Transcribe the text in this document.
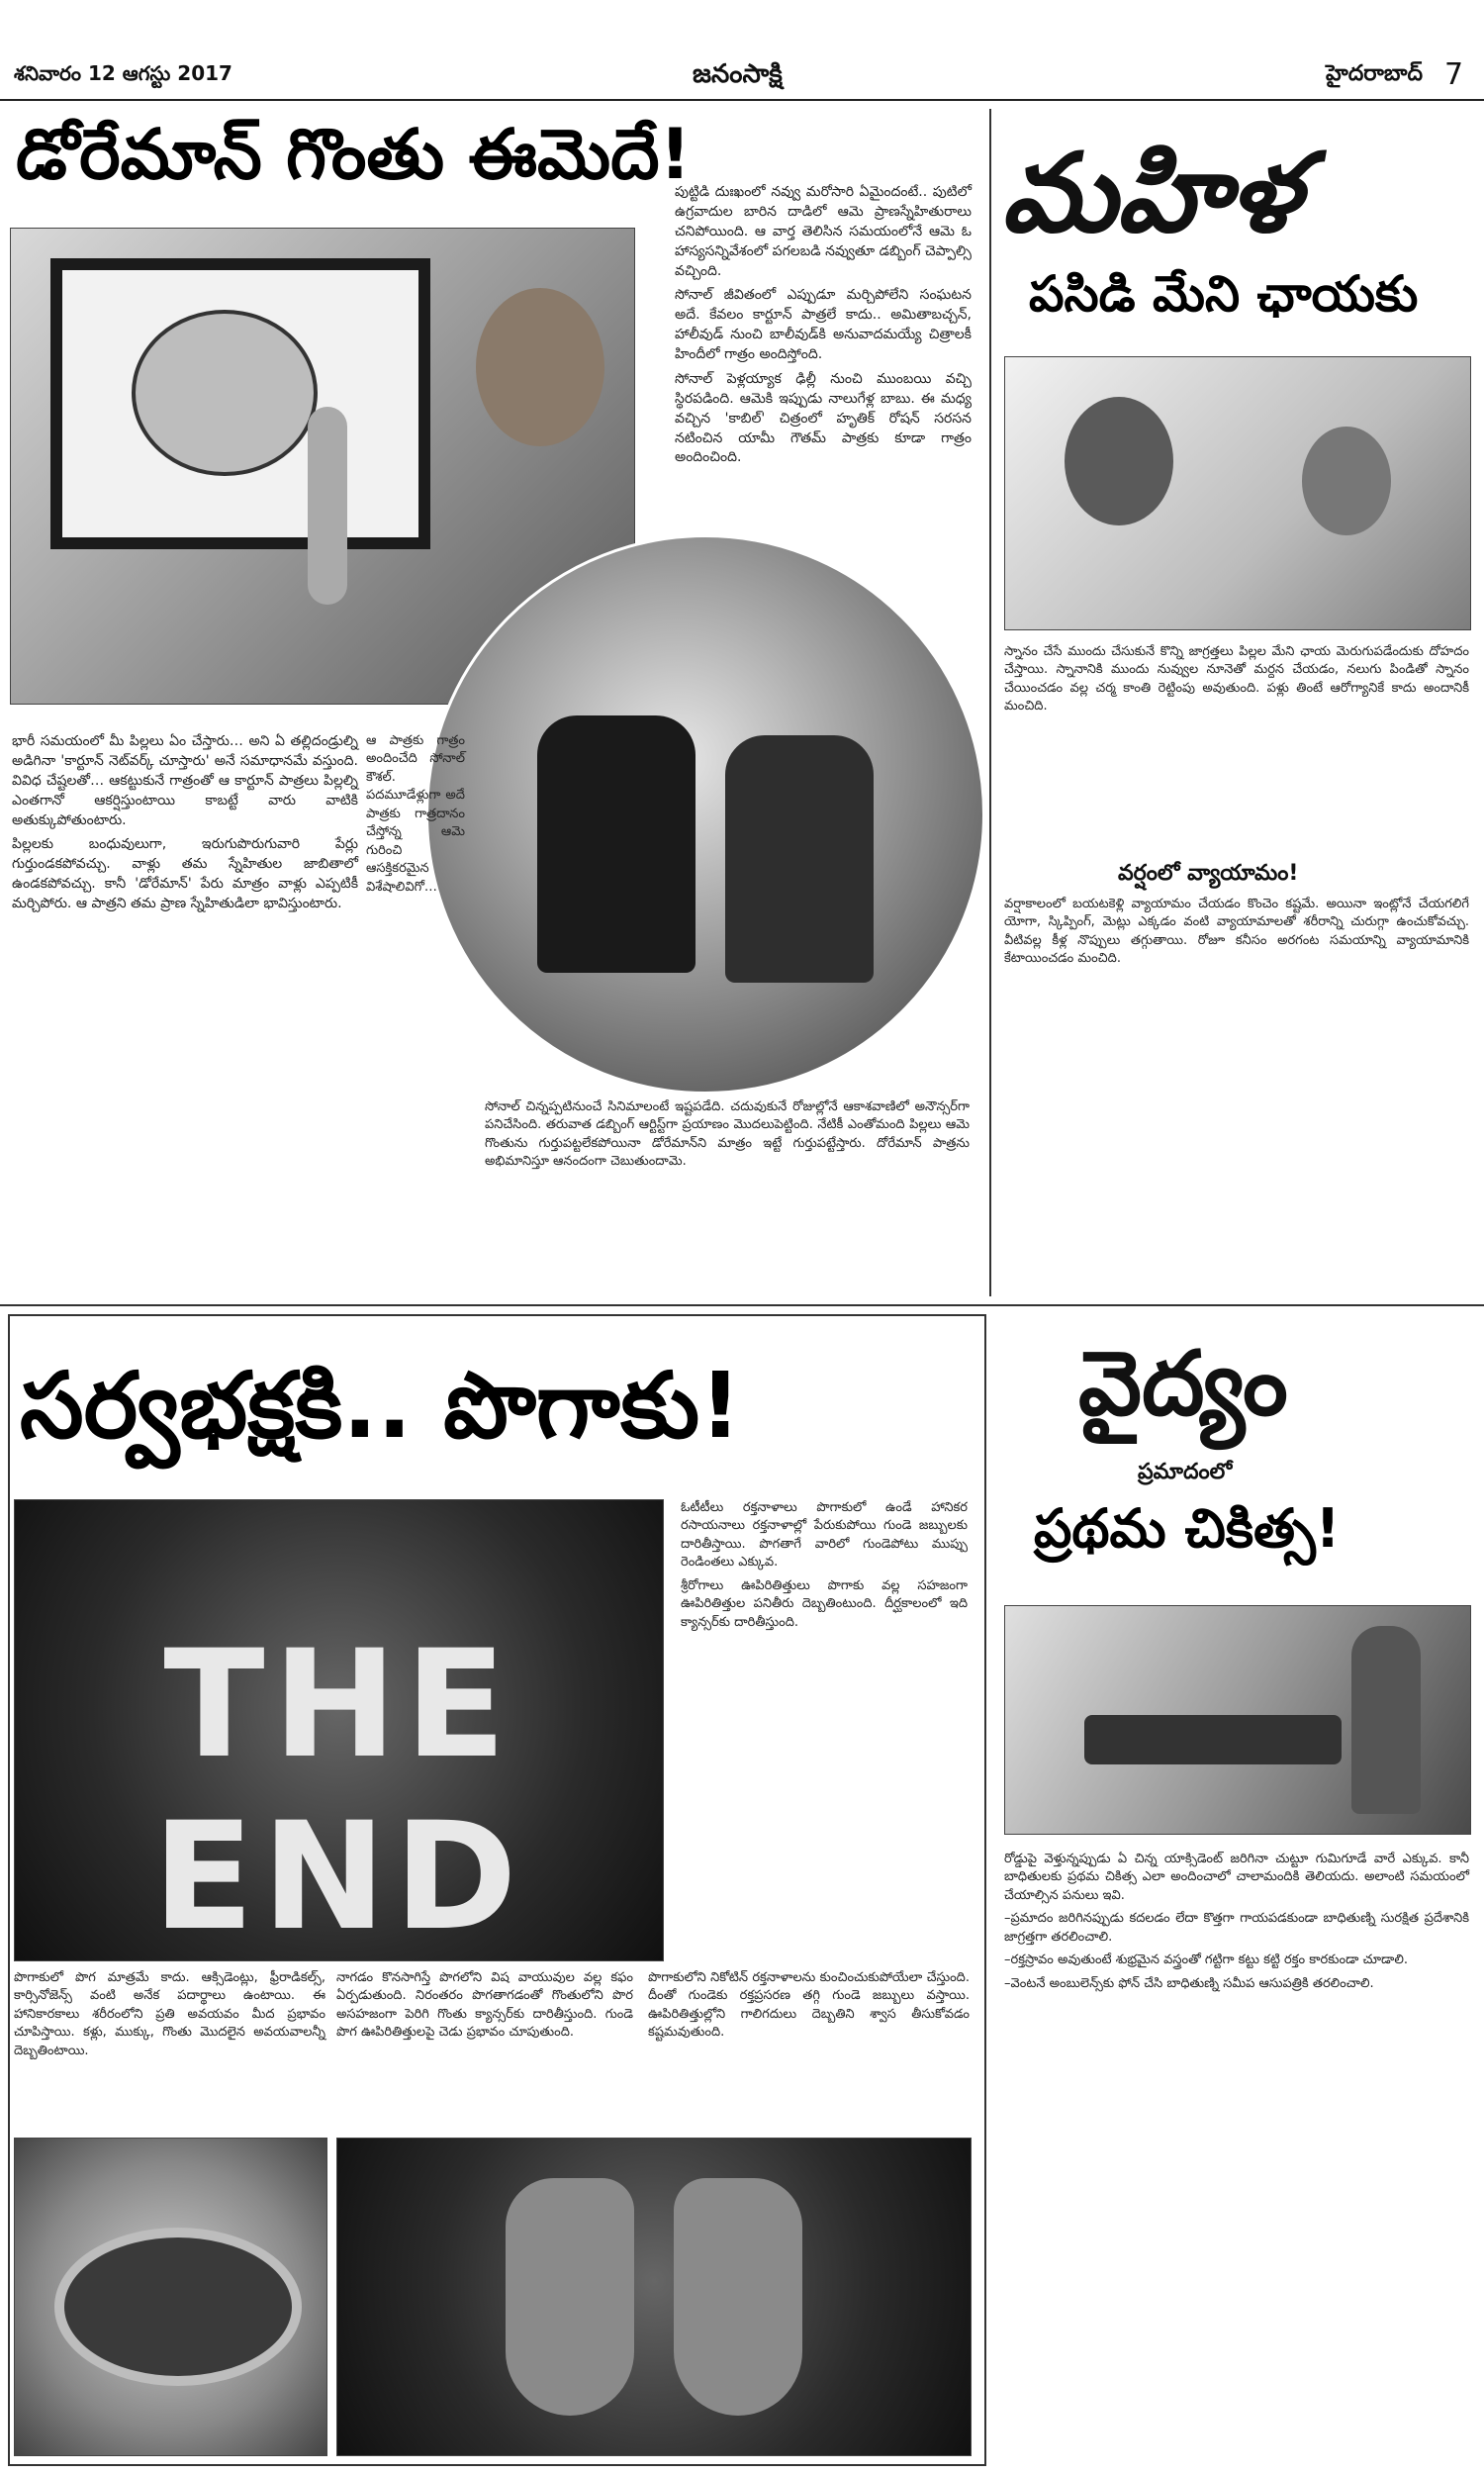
శనివారం 12 ఆగస్టు 2017	జనంసాక్షి	హైదరాబాద్ 7
డోరేమాన్ గొంతు ఈమెదే!

భారీ సమయంలో మీ పిల్లలు ఏం చేస్తారు… అని ఏ తల్లిదండ్రుల్ని అడిగినా 'కార్టూన్ నెట్‌వర్క్ చూస్తారు' అనే సమాధానమే వస్తుంది. వివిధ చేష్టలతో… ఆకట్టుకునే గాత్రంతో ఆ కార్టూన్ పాత్రలు పిల్లల్ని ఎంతగానో ఆకర్షిస్తుంటాయి కాబట్టే వారు వాటికి అతుక్కుపోతుంటారు.

పిల్లలకు బంధువులుగా, ఇరుగుపొరుగువారి పేర్లు గుర్తుండకపోవచ్చు. వాళ్లు తమ స్నేహితుల జాబితాలో ఉండకపోవచ్చు. కానీ 'డోరేమాన్' పేరు మాత్రం వాళ్లు ఎప్పటికీ మర్చిపోరు. ఆ పాత్రని తమ ప్రాణ స్నేహితుడిలా భావిస్తుంటారు.

ఆ పాత్రకు గాత్రం అందించేది సోనాల్ కౌశల్. పదమూడేళ్లుగా అదే పాత్రకు గాత్రదానం చేస్తోన్న ఆమె గురించి ఆసక్తికరమైన విశేషాలివిగో…

పుట్టిడి దుఃఖంలో నవ్వు మరోసారి ఏమైందంటే.. పుటిలో ఉగ్రవాదుల బారిన దాడిలో ఆమె ప్రాణస్నేహితురాలు చనిపోయింది. ఆ వార్త తెలిసిన సమయంలోనే ఆమె ఓ హాస్యసన్నివేశంలో పగలబడి నవ్వుతూ డబ్బింగ్ చెప్పాల్సి వచ్చింది.

సోనాల్ జీవితంలో ఎప్పుడూ మర్చిపోలేని సంఘటన అదే. కేవలం కార్టూన్ పాత్రలే కాదు.. అమితాబచ్చన్, హాలీవుడ్ నుంచి బాలీవుడ్‌కి అనువాదమయ్యే చిత్రాలకీ హిందీలో గాత్రం అందిస్తోంది.

సోనాల్ పెళ్లయ్యాక ఢిల్లీ నుంచి ముంబయి వచ్చి స్థిరపడింది. ఆమెకి ఇప్పుడు నాలుగేళ్ల బాబు. ఈ మధ్య వచ్చిన 'కాబిల్' చిత్రంలో హృతిక్ రోషన్ సరసన నటించిన యామీ గౌతమ్ పాత్రకు కూడా గాత్రం అందించింది.

సోనాల్ చిన్నప్పటినుంచే సినిమాలంటే ఇష్టపడేది. చదువుకునే రోజుల్లోనే ఆకాశవాణిలో అనౌన్సర్‌గా పనిచేసింది. తరువాత డబ్బింగ్ ఆర్టిస్ట్‌గా ప్రయాణం మొదలుపెట్టింది. నేటికీ ఎంతోమంది పిల్లలు ఆమె గొంతును గుర్తుపట్టలేకపోయినా డోరేమాన్‌ని మాత్రం ఇట్టే గుర్తుపట్టేస్తారు. దోరేమాన్ పాత్రను అభిమానిస్తూ ఆనందంగా చెబుతుందామె.

మహిళ
పసిడి మేని ఛాయకు
స్నానం చేసే ముందు చేసుకునే కొన్ని జాగ్రత్తలు పిల్లల మేని ఛాయ మెరుగుపడేందుకు దోహదం చేస్తాయి. స్నానానికి ముందు నువ్వుల నూనెతో మర్దన చేయడం, నలుగు పిండితో స్నానం చేయించడం వల్ల చర్మ కాంతి రెట్టింపు అవుతుంది. పళ్లు తింటే ఆరోగ్యానికే కాదు అందానికీ మంచిది.
వర్షంలో వ్యాయామం!
వర్షాకాలంలో బయటకెళ్లి వ్యాయామం చేయడం కొంచెం కష్టమే. అయినా ఇంట్లోనే చేయగలిగే యోగా, స్కిప్పింగ్, మెట్లు ఎక్కడం వంటి వ్యాయామాలతో శరీరాన్ని చురుగ్గా ఉంచుకోవచ్చు. వీటివల్ల కీళ్ల నొప్పులు తగ్గుతాయి. రోజూ కనీసం అరగంట సమయాన్ని వ్యాయామానికి కేటాయించడం మంచిది.
సర్వభక్షకి.. పొగాకు!
THE END

ఓటీటీలు రక్తనాళాలు పొగాకులో ఉండే హానికర రసాయనాలు రక్తనాళాల్లో పేరుకుపోయి గుండె జబ్బులకు దారితీస్తాయి. పొగతాగే వారిలో గుండెపోటు ముప్పు రెండింతలు ఎక్కువ.

శ్రీరోగాలు ఊపిరితిత్తులు పొగాకు వల్ల సహజంగా ఊపిరితిత్తుల పనితీరు దెబ్బతింటుంది. దీర్ఘకాలంలో ఇది క్యాన్సర్‌కు దారితీస్తుంది.

పొగాకులో పొగ మాత్రమే కాదు. ఆక్సిడెంట్లు, ఫ్రీరాడికల్స్, కార్సినోజెన్స్ వంటి అనేక పదార్థాలు ఉంటాయి. ఈ హానికారకాలు శరీరంలోని ప్రతి అవయవం మీద ప్రభావం చూపిస్తాయి. కళ్లు, ముక్కు, గొంతు మొదలైన అవయవాలన్నీ దెబ్బతింటాయి.
నాగడం కొనసాగిస్తే పొగలోని విష వాయువుల వల్ల కఫం ఏర్పడుతుంది. నిరంతరం పొగతాగడంతో గొంతులోని పొర అసహజంగా పెరిగి గొంతు క్యాన్సర్‌కు దారితీస్తుంది. గుండె పొగ ఊపిరితిత్తులపై చెడు ప్రభావం చూపుతుంది.
పొగాకులోని నికోటిన్ రక్తనాళాలను కుంచించుకుపోయేలా చేస్తుంది. దీంతో గుండెకు రక్తప్రసరణ తగ్గి గుండె జబ్బులు వస్తాయి. ఊపిరితిత్తుల్లోని గాలిగదులు దెబ్బతిని శ్వాస తీసుకోవడం కష్టమవుతుంది.
వైద్యం
ప్రమాదంలో
ప్రథమ చికిత్స!

రోడ్డుపై వెళ్తున్నప్పుడు ఏ చిన్న యాక్సిడెంట్ జరిగినా చుట్టూ గుమిగూడే వారే ఎక్కువ. కానీ బాధితులకు ప్రథమ చికిత్స ఎలా అందించాలో చాలామందికి తెలియదు. అలాంటి సమయంలో చేయాల్సిన పనులు ఇవి.

–ప్రమాదం జరిగినప్పుడు కదలడం లేదా కొత్తగా గాయపడకుండా బాధితుణ్ని సురక్షిత ప్రదేశానికి జాగ్రత్తగా తరలించాలి.

–రక్తస్రావం అవుతుంటే శుభ్రమైన వస్త్రంతో గట్టిగా కట్టు కట్టి రక్తం కారకుండా చూడాలి.

–వెంటనే అంబులెన్స్‌కు ఫోన్ చేసి బాధితుణ్ని సమీప ఆసుపత్రికి తరలించాలి.
